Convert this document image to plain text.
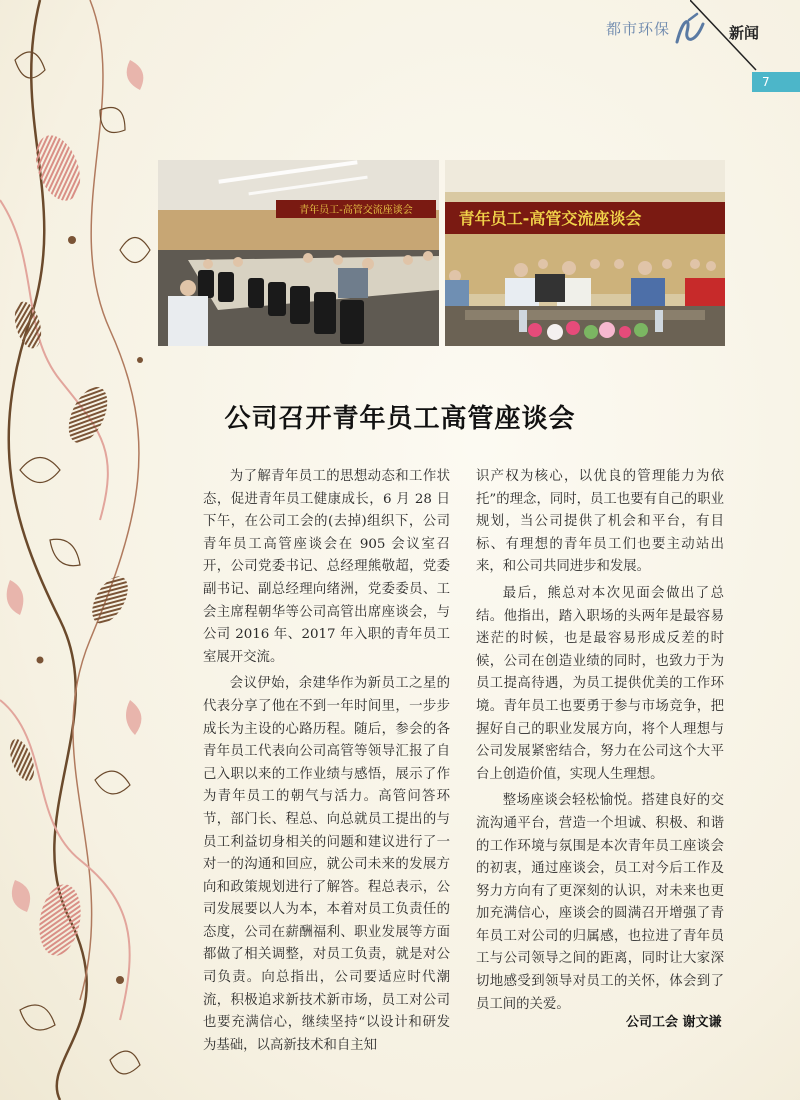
都市环保	新闻
7
青年员工-高管交流座谈会	青年员工-高管交流座谈会
公司召开青年员工高管座谈会

为了解青年员工的思想动态和工作状态，促进青年员工健康成长，6 月 28 日下午，在公司工会的(去掉)组织下，公司青年员工高管座谈会在 905 会议室召开，公司党委书记、总经理熊敬超，党委副书记、副总经理向绪洲，党委委员、工会主席程朝华等公司高管出席座谈会，与公司 2016 年、2017 年入职的青年员工室展开交流。

会议伊始，余建华作为新员工之星的代表分享了他在不到一年时间里，一步步成长为主设的心路历程。随后，参会的各青年员工代表向公司高管等领导汇报了自己入职以来的工作业绩与感悟，展示了作为青年员工的朝气与活力。高管问答环节，部门长、程总、向总就员工提出的与员工利益切身相关的问题和建议进行了一对一的沟通和回应，就公司未来的发展方向和政策规划进行了解答。程总表示，公司发展要以人为本，本着对员工负责任的态度，公司在薪酬福利、职业发展等方面都做了相关调整，对员工负责，就是对公司负责。向总指出，公司要适应时代潮流，积极追求新技术新市场，员工对公司也要充满信心，继续坚持“以设计和研发为基础，以高新技术和自主知

识产权为核心，以优良的管理能力为依托”的理念，同时，员工也要有自己的职业规划，当公司提供了机会和平台，有目标、有理想的青年员工们也要主动站出来，和公司共同进步和发展。

最后，熊总对本次见面会做出了总结。他指出，踏入职场的头两年是最容易迷茫的时候，也是最容易形成反差的时候，公司在创造业绩的同时，也致力于为员工提高待遇，为员工提供优美的工作环境。青年员工也要勇于参与市场竞争，把握好自己的职业发展方向，将个人理想与公司发展紧密结合，努力在公司这个大平台上创造价值，实现人生理想。

整场座谈会轻松愉悦。搭建良好的交流沟通平台，营造一个坦诚、积极、和谐的工作环境与氛围是本次青年员工座谈会的初衷，通过座谈会，员工对今后工作及努力方向有了更深刻的认识，对未来也更加充满信心，座谈会的圆满召开增强了青年员工对公司的归属感，也拉进了青年员工与公司领导之间的距离，同时让大家深切地感受到领导对员工的关怀，体会到了员工间的关爱。

公司工会 谢文谦
